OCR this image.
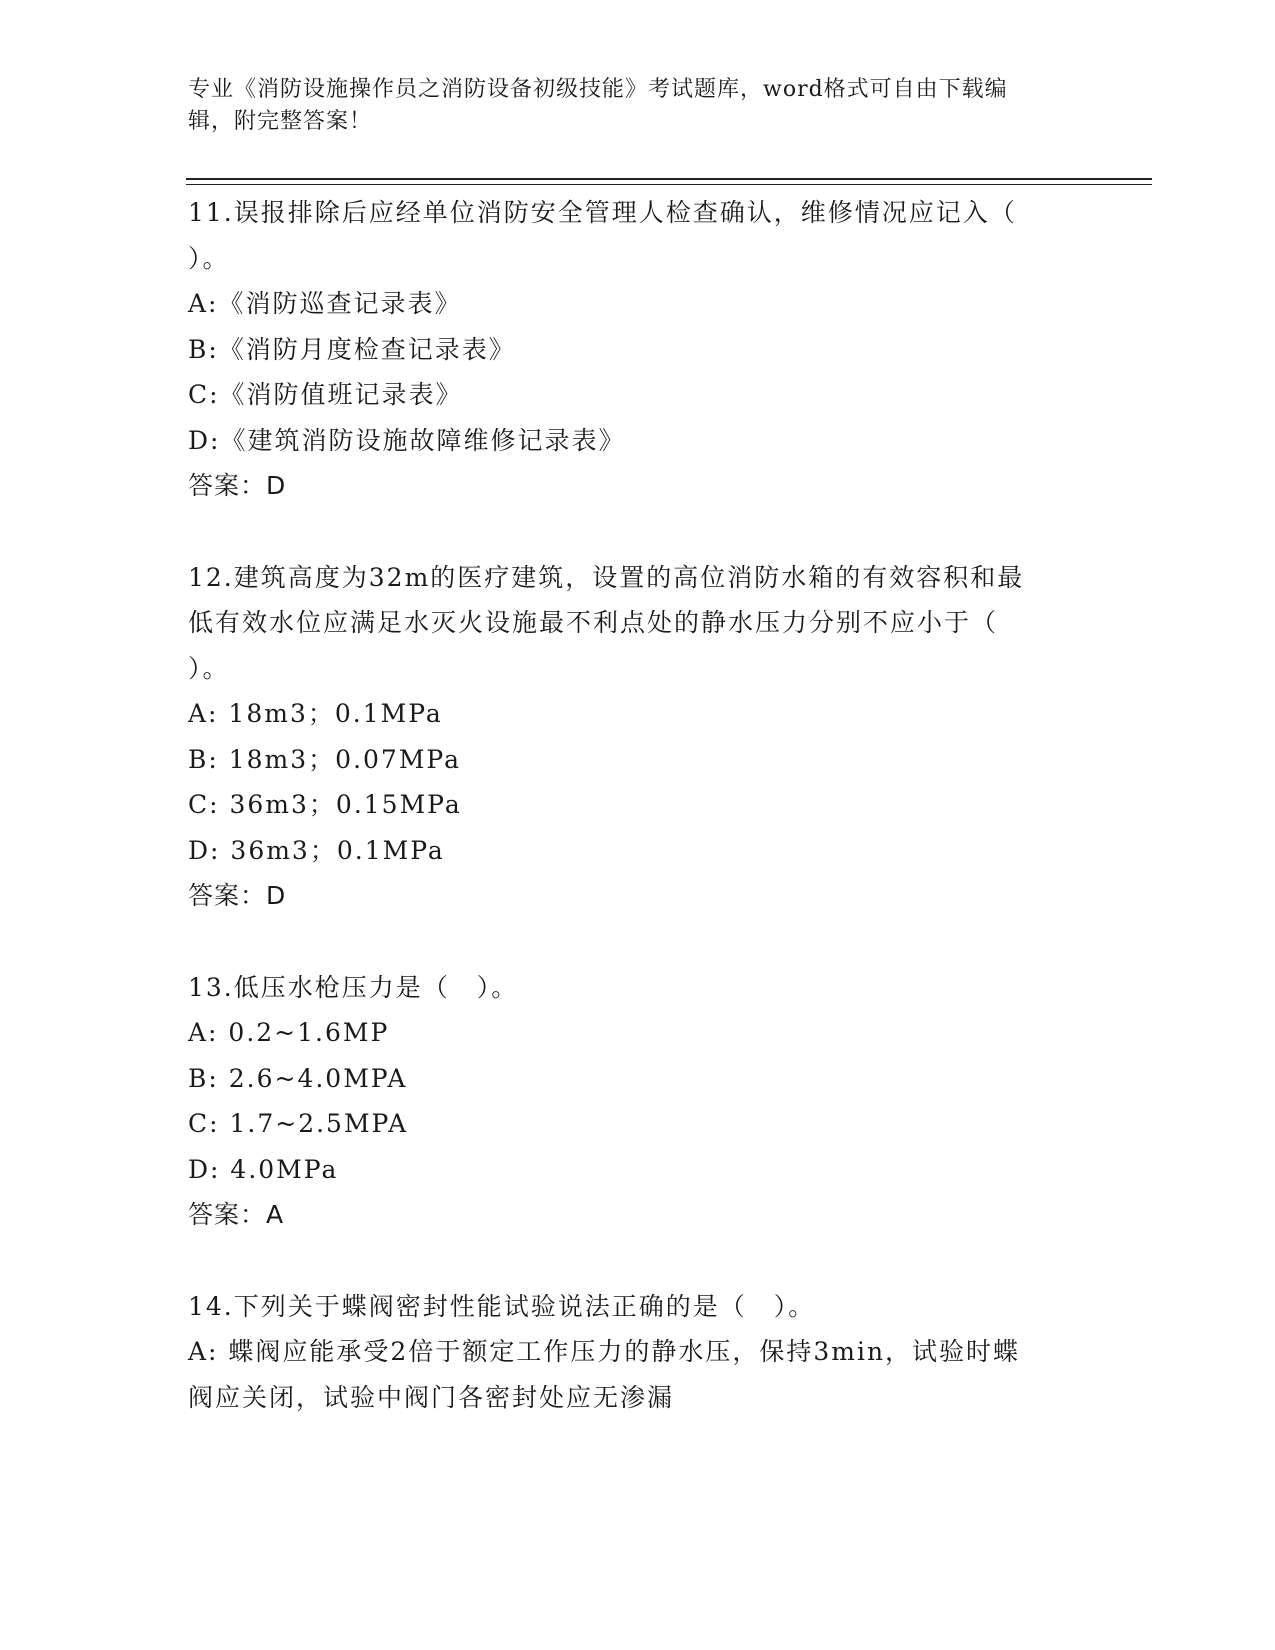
专业《消防设施操作员之消防设备初级技能》考试题库，word格式可自由下载编
辑，附完整答案！
11.误报排除后应经单位消防安全管理人检查确认，维修情况应记入（
）。
A:《消防巡查记录表》
B:《消防月度检查记录表》
C:《消防值班记录表》
D:《建筑消防设施故障维修记录表》
答案：D
12.建筑高度为32m的医疗建筑，设置的高位消防水箱的有效容积和最
低有效水位应满足水灭火设施最不利点处的静水压力分别不应小于（
）。
A: 18m3；0.1MPa
B: 18m3；0.07MPa
C: 36m3；0.15MPa
D: 36m3；0.1MPa
答案：D
13.低压水枪压力是（　）。
A: 0.2~1.6MP
B: 2.6~4.0MPA
C: 1.7~2.5MPA
D: 4.0MPa
答案：A
14.下列关于蝶阀密封性能试验说法正确的是（　）。
A: 蝶阀应能承受2倍于额定工作压力的静水压，保持3min，试验时蝶
阀应关闭，试验中阀门各密封处应无渗漏
